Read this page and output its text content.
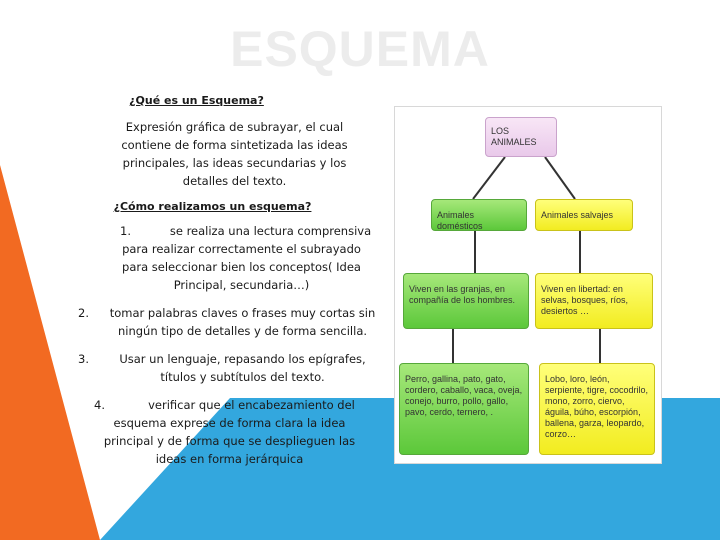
ESQUEMA
¿Qué es un Esquema?
Expresión gráfica de subrayar, el cual contiene de forma sintetizada las ideas principales, las ideas secundarias y los detalles del texto.
¿Cómo realizamos un esquema?
1.	se realiza una lectura comprensiva para realizar correctamente el subrayado para seleccionar bien los conceptos( Idea Principal, secundaria…)
2. tomar palabras claves o frases muy cortas sin ningún tipo de detalles y de forma sencilla.
3.	Usar un lenguaje, repasando los epígrafes, títulos y subtítulos del texto.
4.	verificar que el encabezamiento del esquema exprese de forma clara la idea principal y de forma que se desplieguen las ideas en forma jerárquica
LOS ANIMALES
Animales domésticos
Animales salvajes
Viven en las granjas, en compañía de los hombres.
Viven en libertad: en selvas, bosques, ríos, desiertos …
Perro, gallina, pato, gato, cordero, caballo, vaca, oveja, conejo, burro, pollo, gallo, pavo, cerdo, ternero, .
Lobo, loro, león, serpiente, tigre, cocodrilo, mono, zorro, ciervo, águila, búho, escorpión, ballena, garza, leopardo, corzo…
